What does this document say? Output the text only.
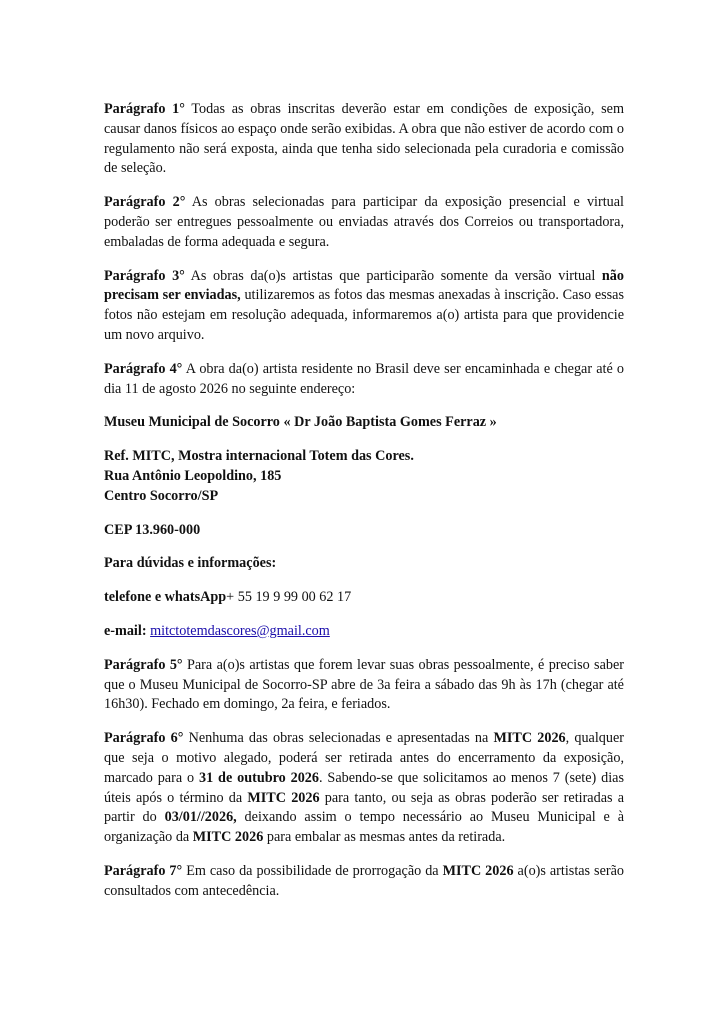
Parágrafo 1° Todas as obras inscritas deverão estar em condições de exposição, sem causar danos físicos ao espaço onde serão exibidas. A obra que não estiver de acordo com o regulamento não será exposta, ainda que tenha sido selecionada pela curadoria e comissão de seleção.

Parágrafo 2° As obras selecionadas para participar da exposição presencial e virtual poderão ser entregues pessoalmente ou enviadas através dos Correios ou transportadora, embaladas de forma adequada e segura.

Parágrafo 3° As obras da(o)s artistas que participarão somente da versão virtual não precisam ser enviadas, utilizaremos as fotos das mesmas anexadas à inscrição. Caso essas fotos não estejam em resolução adequada, informaremos a(o) artista para que providencie um novo arquivo.

Parágrafo 4° A obra da(o) artista residente no Brasil deve ser encaminhada e chegar até o dia 11 de agosto 2026 no seguinte endereço:

Museu Municipal de Socorro « Dr João Baptista Gomes Ferraz »
Ref. MITC, Mostra internacional Totem das Cores.
Rua Antônio Leopoldino, 185
Centro Socorro/SP
CEP 13.960-000
Para dúvidas e informações:
telefone e whatsApp+ 55 19 9 99 00 62 17
e-mail: mitctotemdascores@gmail.com

Parágrafo 5° Para a(o)s artistas que forem levar suas obras pessoalmente, é preciso saber que o Museu Municipal de Socorro-SP abre de 3a feira a sábado das 9h às 17h (chegar até 16h30). Fechado em domingo, 2a feira, e feriados.

Parágrafo 6° Nenhuma das obras selecionadas e apresentadas na MITC 2026, qualquer que seja o motivo alegado, poderá ser retirada antes do encerramento da exposição, marcado para o 31 de outubro 2026. Sabendo-se que solicitamos ao menos 7 (sete) dias úteis após o término da MITC 2026 para tanto, ou seja as obras poderão ser retiradas a partir do 03/01//2026, deixando assim o tempo necessário ao Museu Municipal e à organização da MITC 2026 para embalar as mesmas antes da retirada.

Parágrafo 7° Em caso da possibilidade de prorrogação da MITC 2026 a(o)s artistas serão consultados com antecedência.
